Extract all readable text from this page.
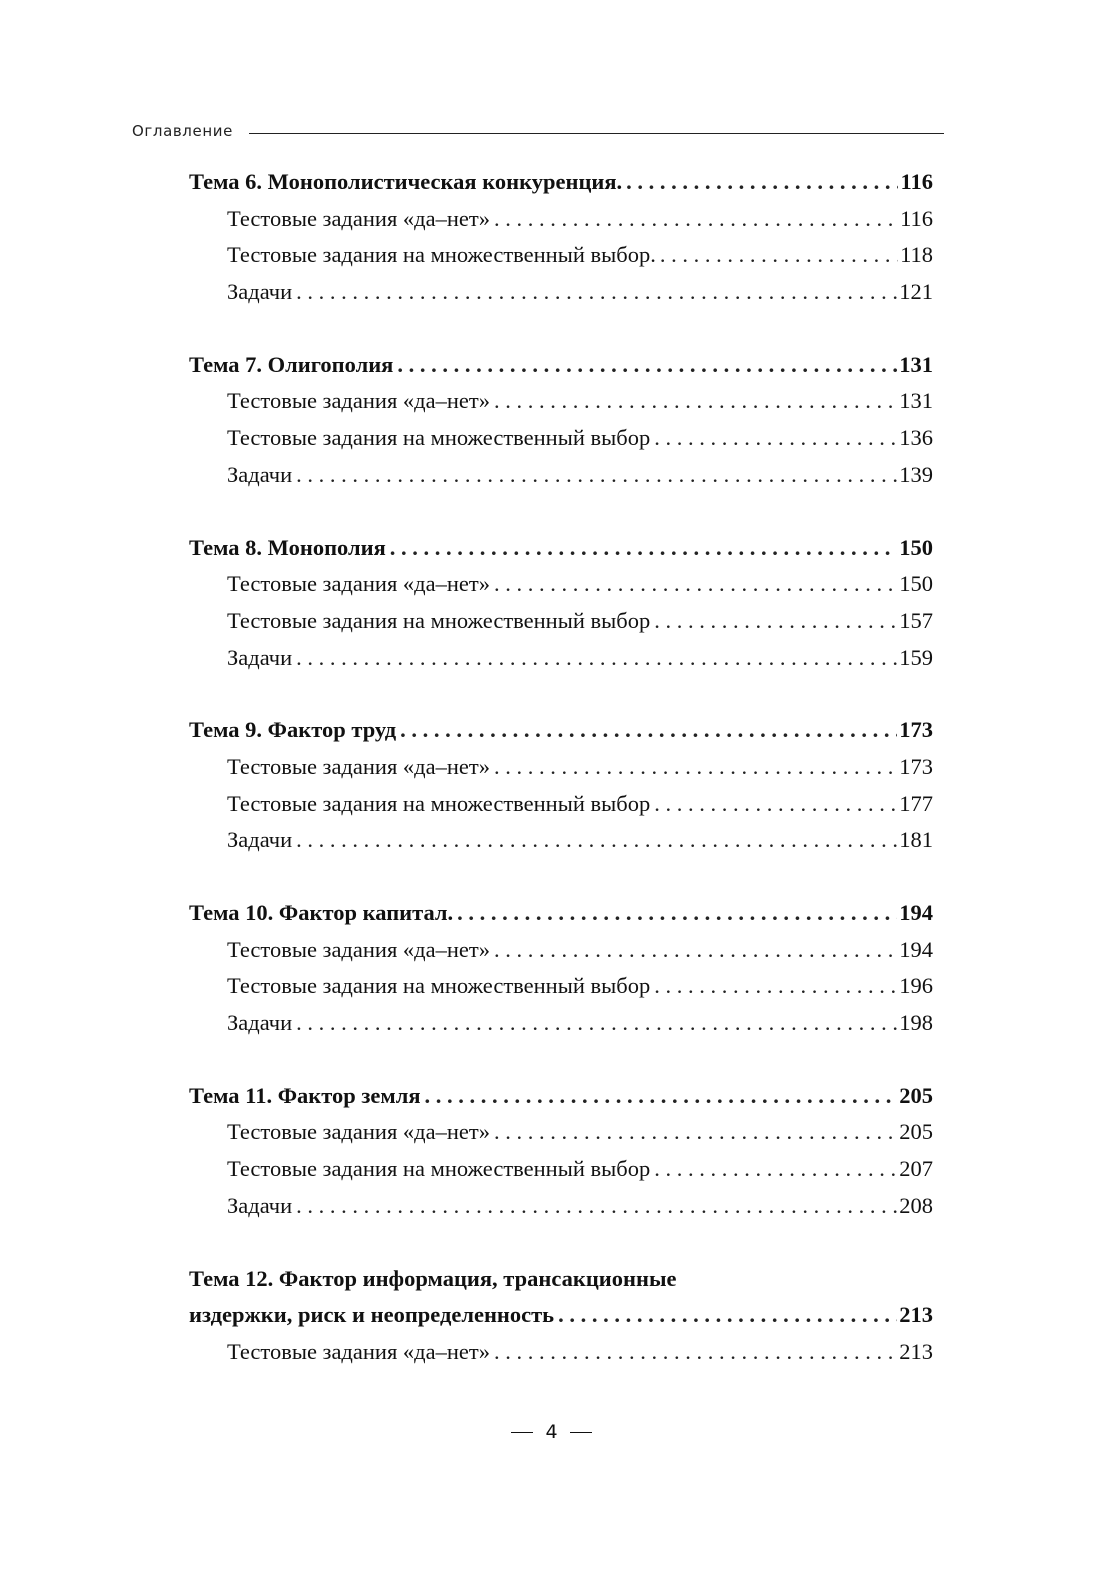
Оглавление
Тема 6. Монополистическая конкуренция. . . .	116
Тестовые задания «да–нет» . . .	116
Тестовые задания на множественный выбор. . . .	118
Задачи . . .	121
Тема 7. Олигополия . . .	131
Тестовые задания «да–нет» . . .	131
Тестовые задания на множественный выбор . . .	136
Задачи . . .	139
Тема 8. Монополия . . .	150
Тестовые задания «да–нет» . . .	150
Тестовые задания на множественный выбор . . .	157
Задачи . . .	159
Тема 9. Фактор труд . . .	173
Тестовые задания «да–нет» . . .	173
Тестовые задания на множественный выбор . . .	177
Задачи . . .	181
Тема 10. Фактор капитал. . . .	194
Тестовые задания «да–нет» . . .	194
Тестовые задания на множественный выбор . . .	196
Задачи . . .	198
Тема 11. Фактор земля . . .	205
Тестовые задания «да–нет» . . .	205
Тестовые задания на множественный выбор . . .	207
Задачи . . .	208
Тема 12. Фактор информация, трансакционные
издержки, риск и неопределенность . . .	213
Тестовые задания «да–нет» . . .	213
4
